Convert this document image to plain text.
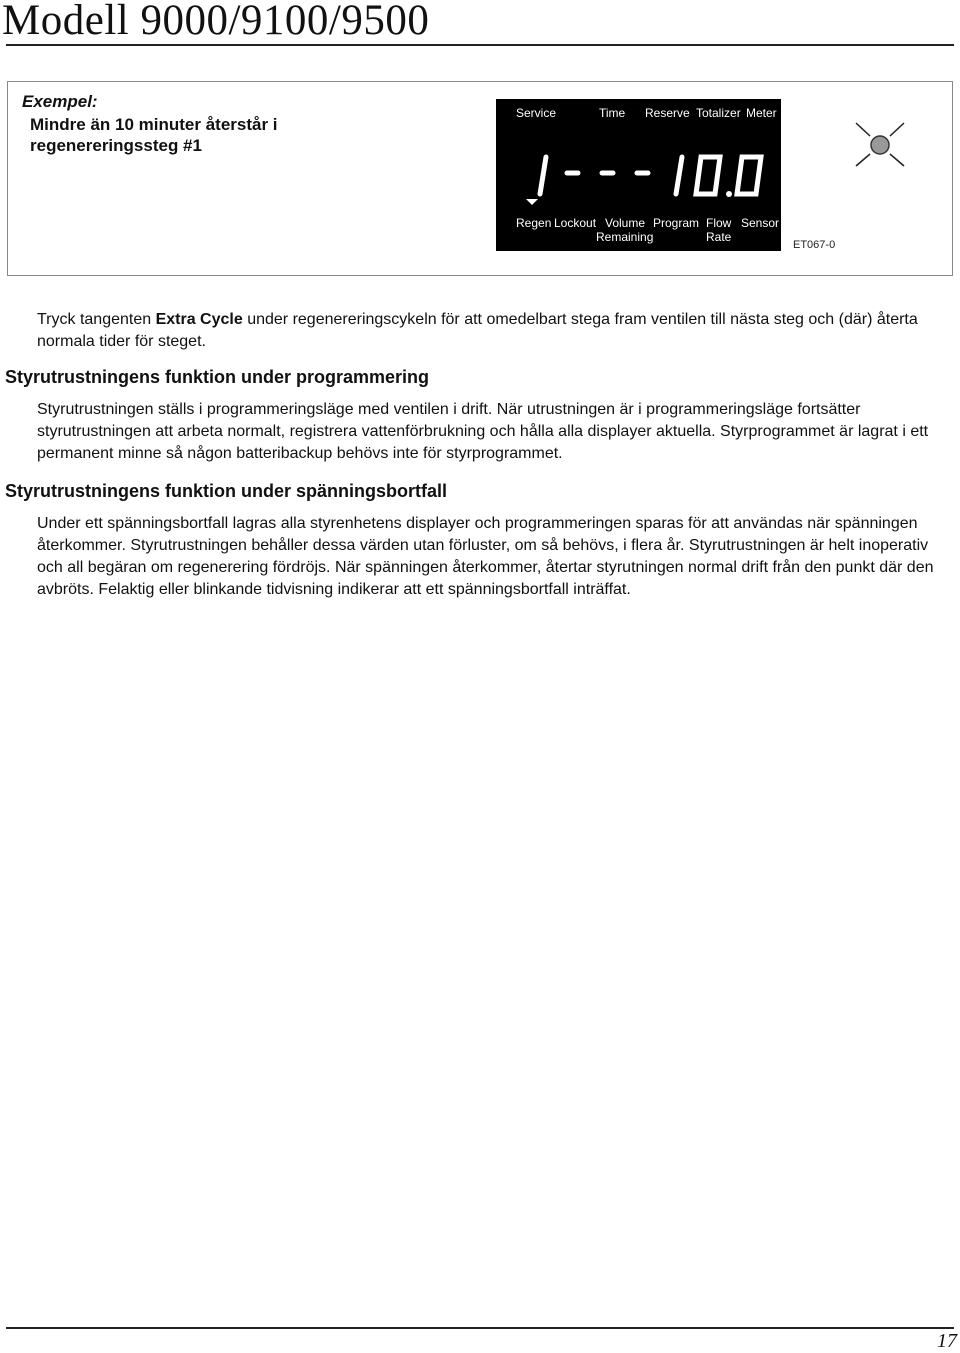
Modell 9000/9100/9500
Exempel:
Mindre än 10 minuter återstår i regenereringssteg #1
Service	Time Reserve Totalizer Meter
Regen Lockout Volume
Remaining
Program Flow
Rate
Sensor
ET067-0

Tryck tangenten Extra Cycle under regenereringscykeln för att omedelbart stega fram ventilen till nästa steg och (där) återta normala tider för steget.

Styrutrustningens funktion under programmering

Styrutrustningen ställs i programmeringsläge med ventilen i drift. När utrustningen är i programmeringsläge fortsätter styrutrustningen att arbeta normalt, registrera vattenförbrukning och hålla alla displayer aktuella. Styrprogrammet är lagrat i ett permanent minne så någon batteribackup behövs inte för styrprogrammet.

Styrutrustningens funktion under spänningsbortfall

Under ett spänningsbortfall lagras alla styrenhetens displayer och programmeringen sparas för att användas när spänningen återkommer. Styrutrustningen behåller dessa värden utan förluster, om så behövs, i flera år. Styrutrustningen är helt inoperativ och all begäran om regenerering fördröjs. När spänningen återkommer, återtar styrutningen normal drift från den punkt där den avbröts. Felaktig eller blinkande tidvisning indikerar att ett spänningsbortfall inträffat.

17
